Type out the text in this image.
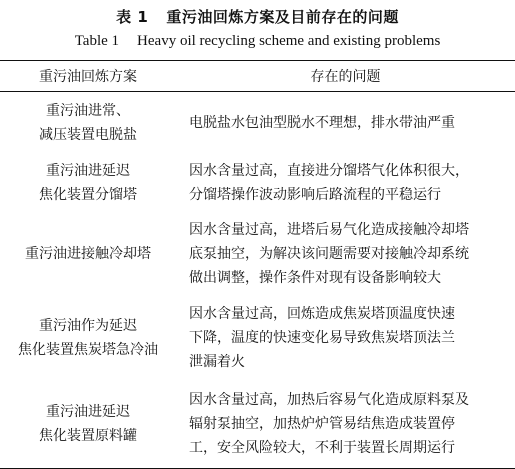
表 1 重污油回炼方案及目前存在的问题
Table 1 Heavy oil recycling scheme and existing problems
重污油回炼方案	存在的问题

重污油进常、
减压装置电脱盐	电脱盐水包油型脱水不理想，排水带油严重

重污油进延迟
焦化装置分馏塔	因水含量过高，直接进分馏塔气化体积很大，
分馏塔操作波动影响后路流程的平稳运行

重污油进接触冷却塔	因水含量过高，进塔后易气化造成接触冷却塔
底泵抽空，为解决该问题需要对接触冷却系统
做出调整，操作条件对现有设备影响较大

重污油作为延迟
焦化装置焦炭塔急冷油	因水含量过高，回炼造成焦炭塔顶温度快速
下降，温度的快速变化易导致焦炭塔顶法兰
泄漏着火

重污油进延迟
焦化装置原料罐	因水含量过高，加热后容易气化造成原料泵及
辐射泵抽空，加热炉炉管易结焦造成装置停
工，安全风险较大，不利于装置长周期运行
